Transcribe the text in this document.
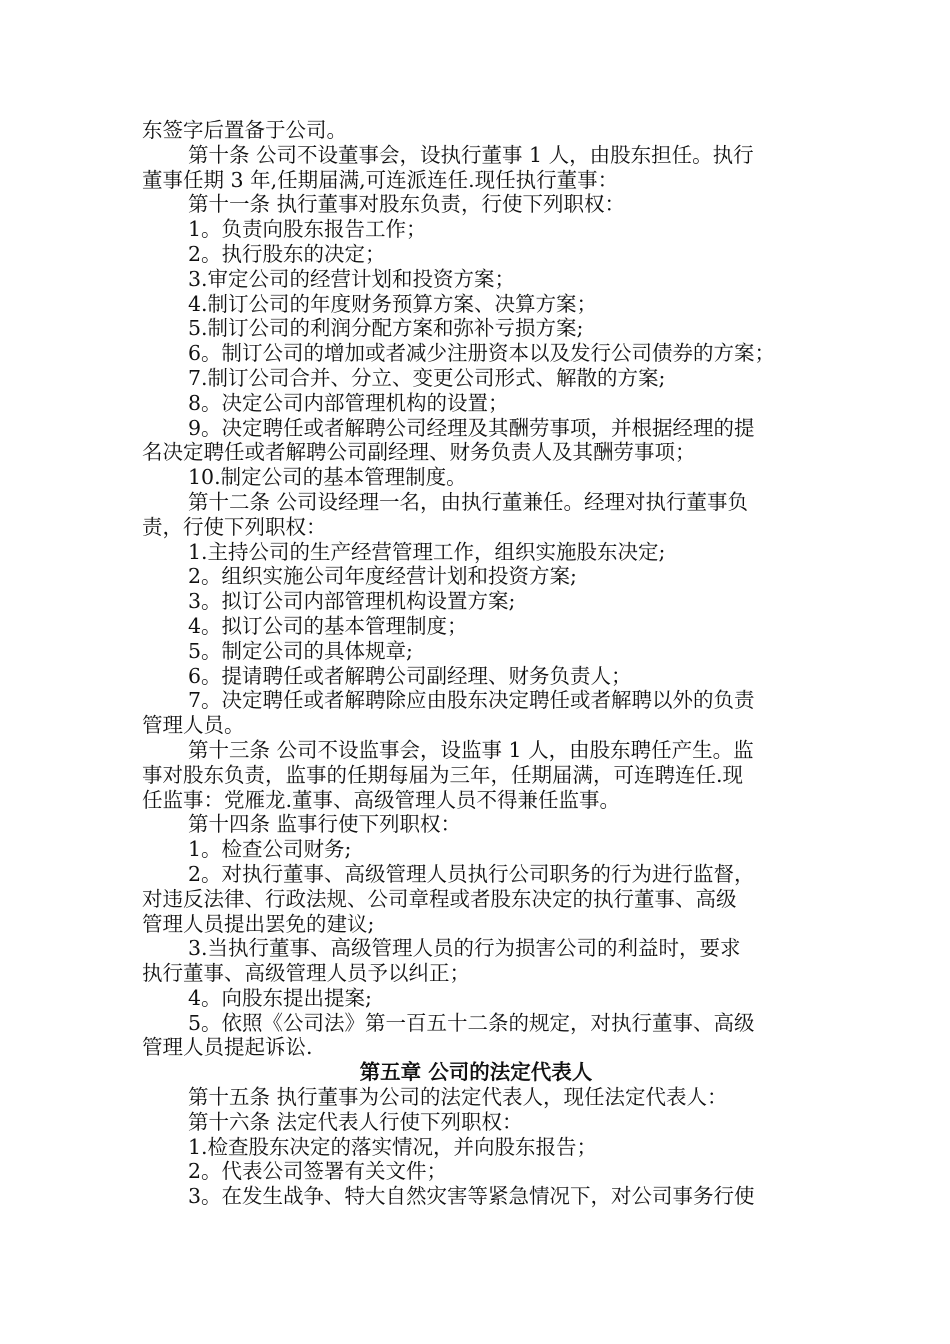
东签字后置备于公司。
第十条 公司不设董事会，设执行董事 1 人，由股东担任。执行
董事任期 3 年,任期届满,可连派连任.现任执行董事：
第十一条 执行董事对股东负责，行使下列职权：
1。负责向股东报告工作；
2。执行股东的决定；
3.审定公司的经营计划和投资方案；
4.制订公司的年度财务预算方案、决算方案；
5.制订公司的利润分配方案和弥补亏损方案;
6。制订公司的增加或者减少注册资本以及发行公司债券的方案；
7.制订公司合并、分立、变更公司形式、解散的方案;
8。决定公司内部管理机构的设置；
9。决定聘任或者解聘公司经理及其酬劳事项，并根据经理的提
名决定聘任或者解聘公司副经理、财务负责人及其酬劳事项；
10.制定公司的基本管理制度。
第十二条 公司设经理一名，由执行董兼任。经理对执行董事负
责，行使下列职权：
1.主持公司的生产经营管理工作，组织实施股东决定;
2。组织实施公司年度经营计划和投资方案;
3。拟订公司内部管理机构设置方案;
4。拟订公司的基本管理制度；
5。制定公司的具体规章;
6。提请聘任或者解聘公司副经理、财务负责人；
7。决定聘任或者解聘除应由股东决定聘任或者解聘以外的负责
管理人员。
第十三条 公司不设监事会，设监事 1 人，由股东聘任产生。监
事对股东负责，监事的任期每届为三年，任期届满，可连聘连任.现
任监事：党雁龙.董事、高级管理人员不得兼任监事。
第十四条 监事行使下列职权：
1。检查公司财务;
2。对执行董事、高级管理人员执行公司职务的行为进行监督，
对违反法律、行政法规、公司章程或者股东决定的执行董事、高级
管理人员提出罢免的建议;
3.当执行董事、高级管理人员的行为损害公司的利益时，要求
执行董事、高级管理人员予以纠正；
4。向股东提出提案;
5。依照《公司法》第一百五十二条的规定，对执行董事、高级
管理人员提起诉讼.
第五章 公司的法定代表人
第十五条 执行董事为公司的法定代表人，现任法定代表人：
第十六条 法定代表人行使下列职权：
1.检查股东决定的落实情况，并向股东报告；
2。代表公司签署有关文件；
3。在发生战争、特大自然灾害等紧急情况下，对公司事务行使
